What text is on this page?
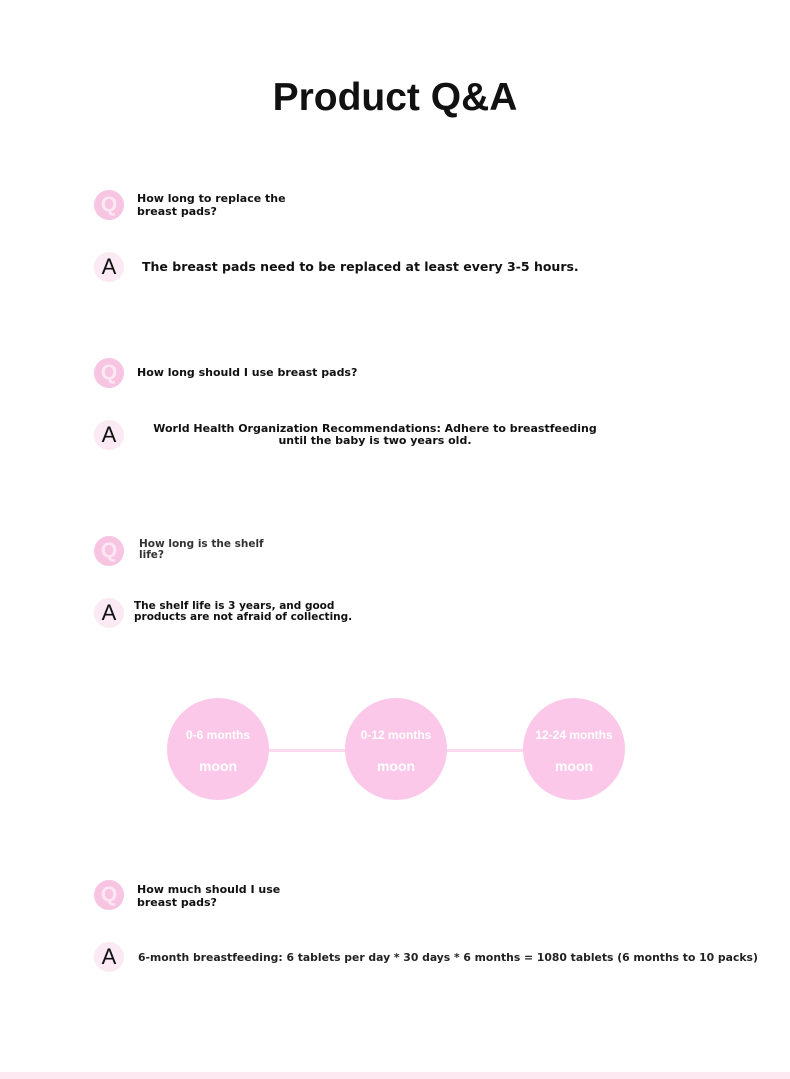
Product Q&A
Q	How long to replace the breast pads?
A	The breast pads need to be replaced at least every 3-5 hours.
Q	How long should I use breast pads?
A	World Health Organization Recommendations: Adhere to breastfeeding until the baby is two years old.
Q	How long is the shelf life?
A	The shelf life is 3 years, and good products are not afraid of collecting.
0-6 months
moon
0-12 months
moon
12-24 months
moon
Q	How much should I use breast pads?
A	6-month breastfeeding: 6 tablets per day * 30 days * 6 months = 1080 tablets (6 months to 10 packs)
